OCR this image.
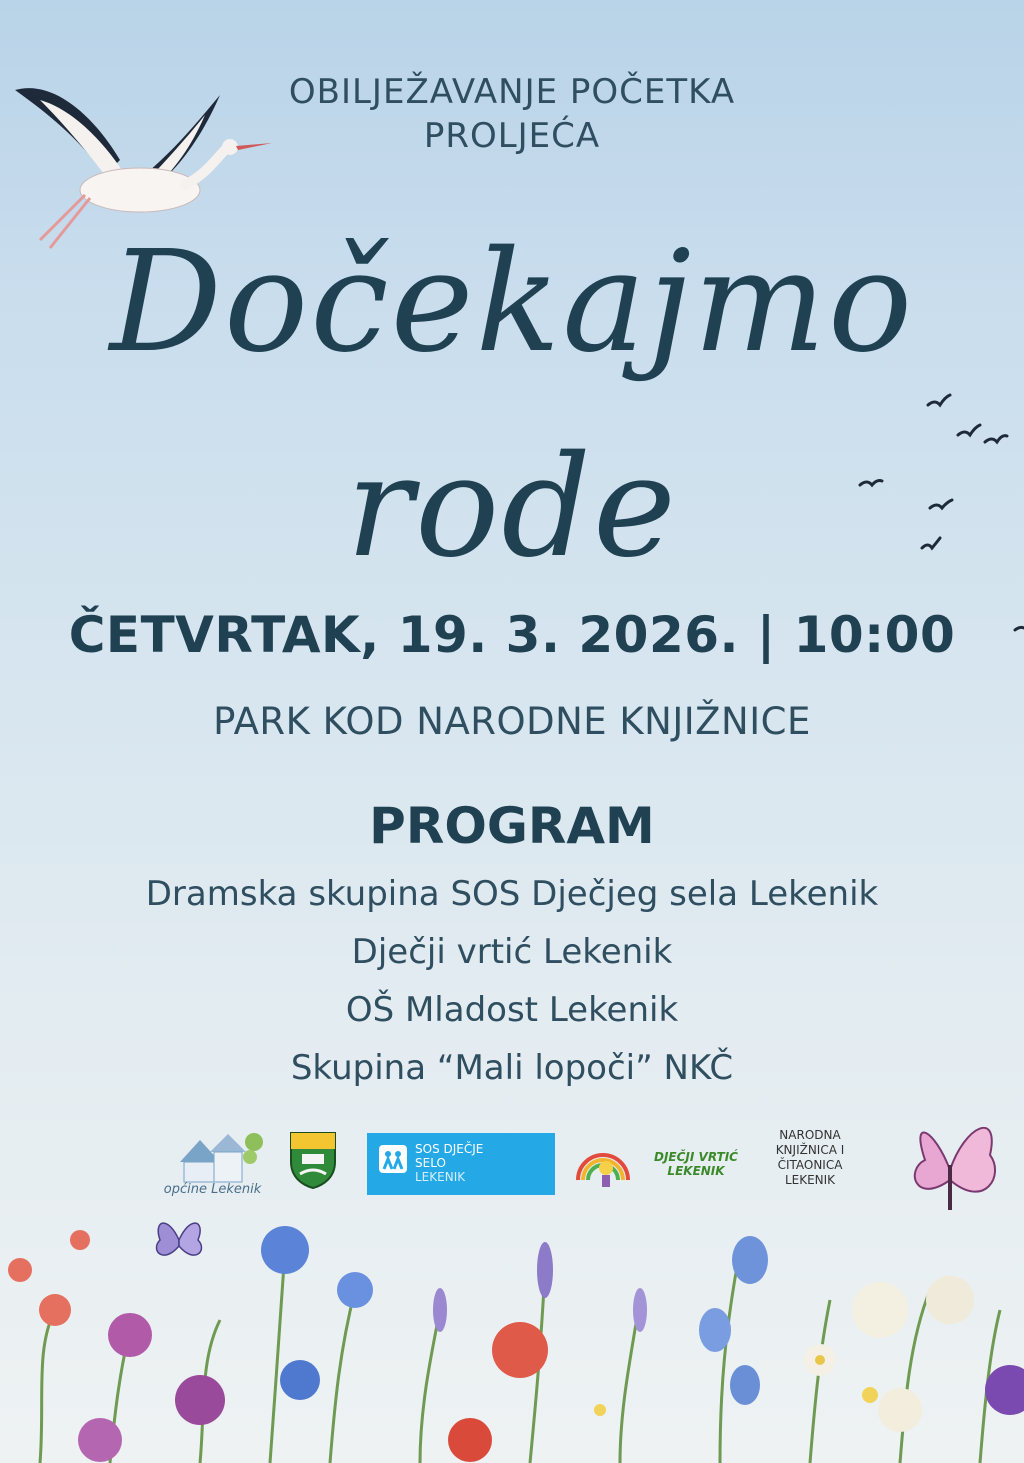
OBILJEŽAVANJE POČETKA
PROLJEĆA
Dočekajmo
rode
ČETVRTAK, 19. 3. 2026. | 10:00
PARK KOD NARODNE KNJIŽNICE
PROGRAM
Dramska skupina SOS Dječjeg sela Lekenik
Dječji vrtić Lekenik
OŠ Mladost Lekenik
Skupina “Mali lopoči” NKČ
općine Lekenik
SOS DJEČJE
SELO
LEKENIK
DJEČJI VRTIĆ
LEKENIK
NARODNA
KNJIŽNICA I
ČITAONICA
LEKENIK
